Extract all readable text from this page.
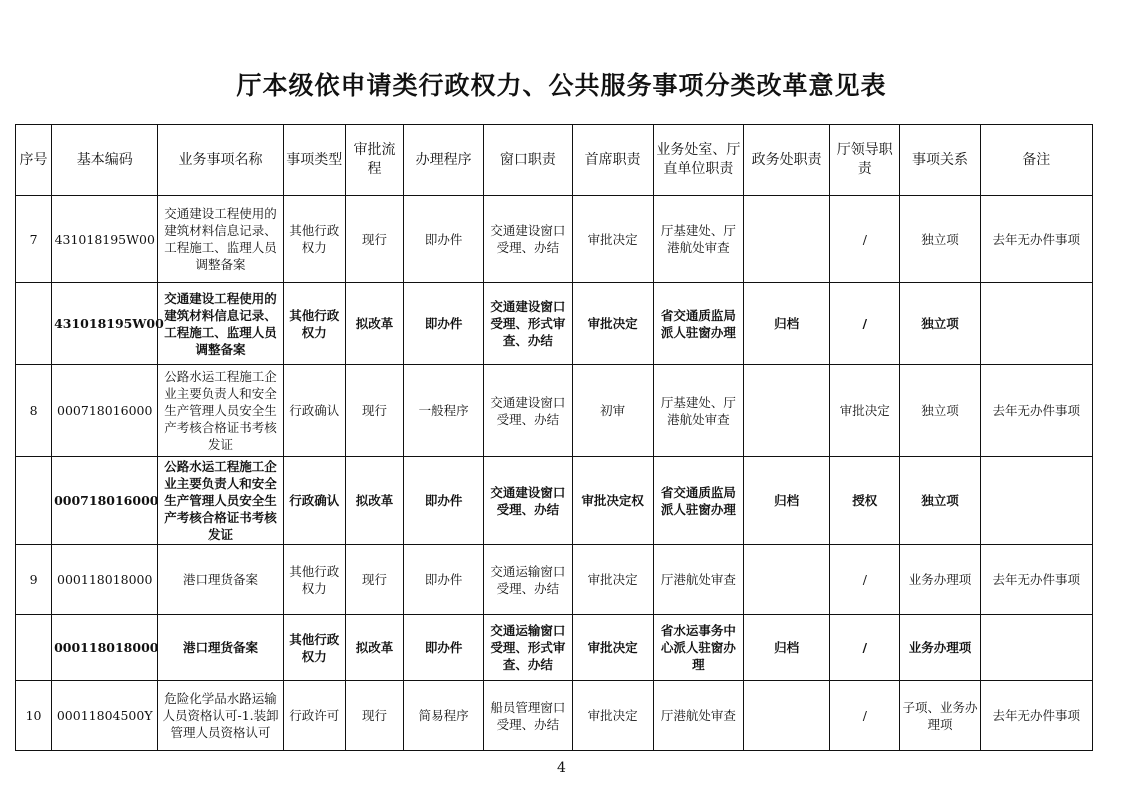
厅本级依申请类行政权力、公共服务事项分类改革意见表
序号	基本编码	业务事项名称	事项类型	审批流程	办理程序	窗口职责	首席职责	业务处室、厅直单位职责	政务处职责	厅领导职责	事项关系	备注
7	431018195W00	交通建设工程使用的建筑材料信息记录、工程施工、监理人员调整备案	其他行政权力	现行	即办件	交通建设窗口受理、办结	审批决定	厅基建处、厅港航处审查		/	独立项	去年无办件事项
	431018195W00	交通建设工程使用的建筑材料信息记录、工程施工、监理人员调整备案	其他行政权力	拟改革	即办件	交通建设窗口受理、形式审查、办结	审批决定	省交通质监局派人驻窗办理	归档	/	独立项	
8	000718016000	公路水运工程施工企业主要负责人和安全生产管理人员安全生产考核合格证书考核发证	行政确认	现行	一般程序	交通建设窗口受理、办结	初审	厅基建处、厅港航处审查		审批决定	独立项	去年无办件事项
	000718016000	公路水运工程施工企业主要负责人和安全生产管理人员安全生产考核合格证书考核发证	行政确认	拟改革	即办件	交通建设窗口受理、办结	审批决定权	省交通质监局派人驻窗办理	归档	授权	独立项	
9	000118018000	港口理货备案	其他行政权力	现行	即办件	交通运输窗口受理、办结	审批决定	厅港航处审查		/	业务办理项	去年无办件事项
	000118018000	港口理货备案	其他行政权力	拟改革	即办件	交通运输窗口受理、形式审查、办结	审批决定	省水运事务中心派人驻窗办理	归档	/	业务办理项	
10	00011804500Y	危险化学品水路运输人员资格认可-1.装卸管理人员资格认可	行政许可	现行	简易程序	船员管理窗口受理、办结	审批决定	厅港航处审查		/	子项、业务办理项	去年无办件事项
4
